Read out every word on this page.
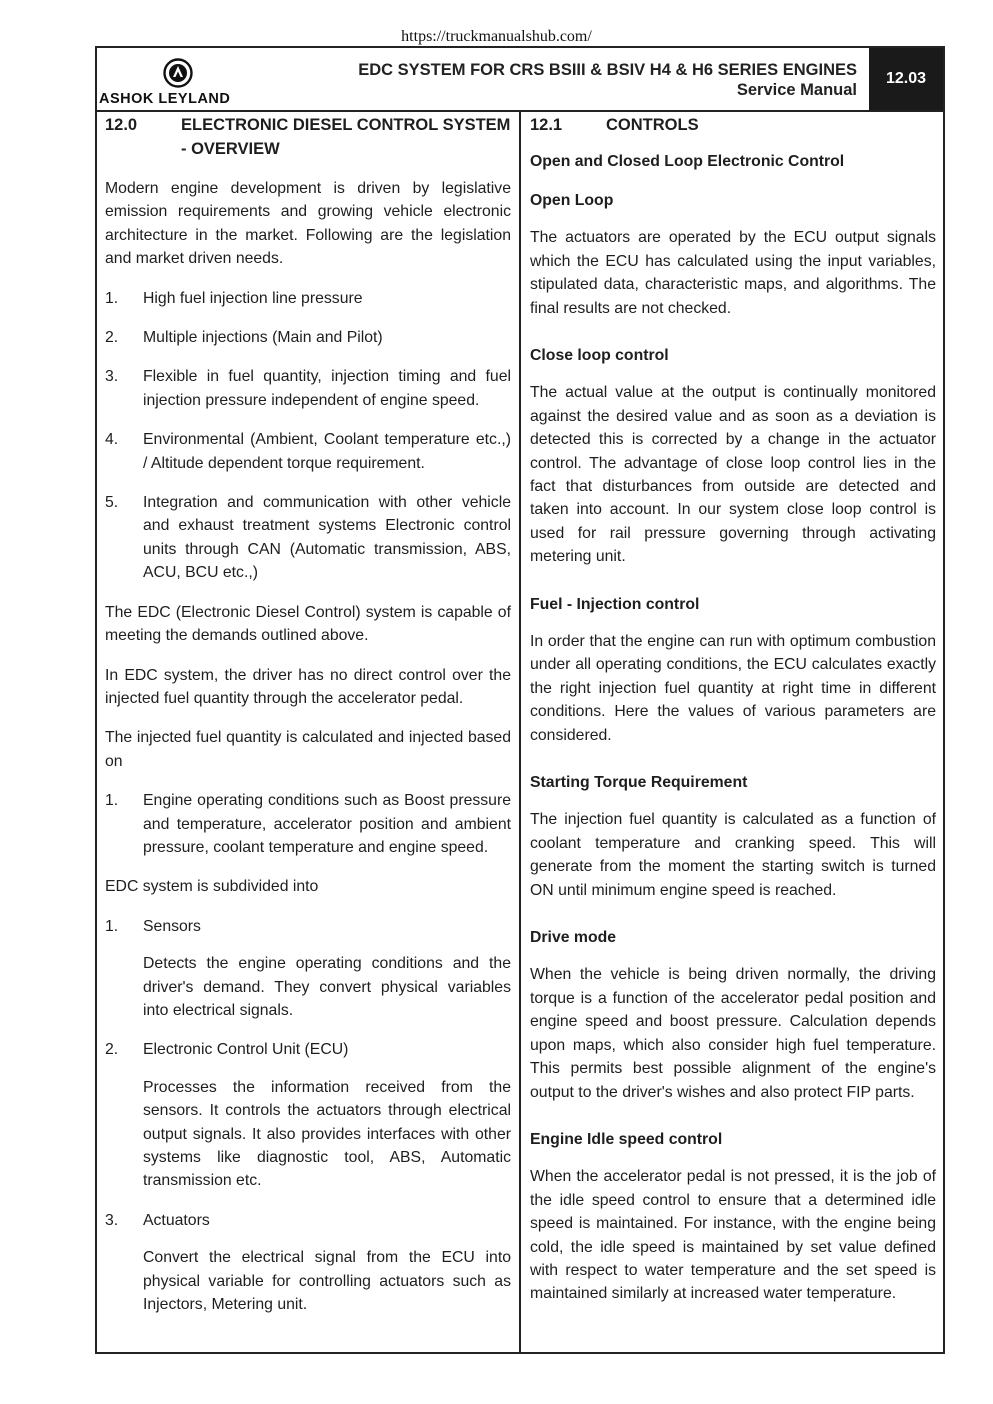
https://truckmanualshub.com/
ASHOK LEYLAND
EDC SYSTEM FOR CRS BSIII & BSIV H4 & H6 SERIES ENGINES
Service Manual
12.03
12.0	ELECTRONIC DIESEL CONTROL SYSTEM - OVERVIEW

Modern engine development is driven by legislative emission requirements and growing vehicle electronic architecture in the market. Following are the legislation and market driven needs.

1.	High fuel injection line pressure
2.	Multiple injections (Main and Pilot)
3.	Flexible in fuel quantity, injection timing and fuel injection pressure independent of engine speed.
4.	Environmental (Ambient, Coolant temperature etc.,) / Altitude dependent torque requirement.
5.	Integration and communication with other vehicle and exhaust treatment systems Electronic control units through CAN (Automatic transmission, ABS, ACU, BCU etc.,)

The EDC (Electronic Diesel Control) system is capable of meeting the demands outlined above.

In EDC system, the driver has no direct control over the injected fuel quantity through the accelerator pedal.

The injected fuel quantity is calculated and injected based on

1.	Engine operating conditions such as Boost pressure and temperature, accelerator position and ambient pressure, coolant temperature and engine speed.

EDC system is subdivided into

1.	Sensors

Detects the engine operating conditions and the driver's demand. They convert physical variables into electrical signals.

2.	Electronic Control Unit (ECU)

Processes the information received from the sensors. It controls the actuators through electrical output signals. It also provides interfaces with other systems like diagnostic tool, ABS, Automatic transmission etc.

3.	Actuators

Convert the electrical signal from the ECU into physical variable for controlling actuators such as Injectors, Metering unit.

12.1	CONTROLS

Open and Closed Loop Electronic Control

Open Loop

The actuators are operated by the ECU output signals which the ECU has calculated using the input variables, stipulated data, characteristic maps, and algorithms. The final results are not checked.

Close loop control

The actual value at the output is continually monitored against the desired value and as soon as a deviation is detected this is corrected by a change in the actuator control. The advantage of close loop control lies in the fact that disturbances from outside are detected and taken into account. In our system close loop control is used for rail pressure governing through activating metering unit.

Fuel - Injection control

In order that the engine can run with optimum combustion under all operating conditions, the ECU calculates exactly the right injection fuel quantity at right time in different conditions. Here the values of various parameters are considered.

Starting Torque Requirement

The injection fuel quantity is calculated as a function of coolant temperature and cranking speed. This will generate from the moment the starting switch is turned ON until minimum engine speed is reached.

Drive mode

When the vehicle is being driven normally, the driving torque is a function of the accelerator pedal position and engine speed and boost pressure. Calculation depends upon maps, which also consider high fuel temperature. This permits best possible alignment of the engine's output to the driver's wishes and also protect FIP parts.

Engine Idle speed control

When the accelerator pedal is not pressed, it is the job of the idle speed control to ensure that a determined idle speed is maintained. For instance, with the engine being cold, the idle speed is maintained by set value defined with respect to water temperature and the set speed is maintained similarly at increased water temperature.
